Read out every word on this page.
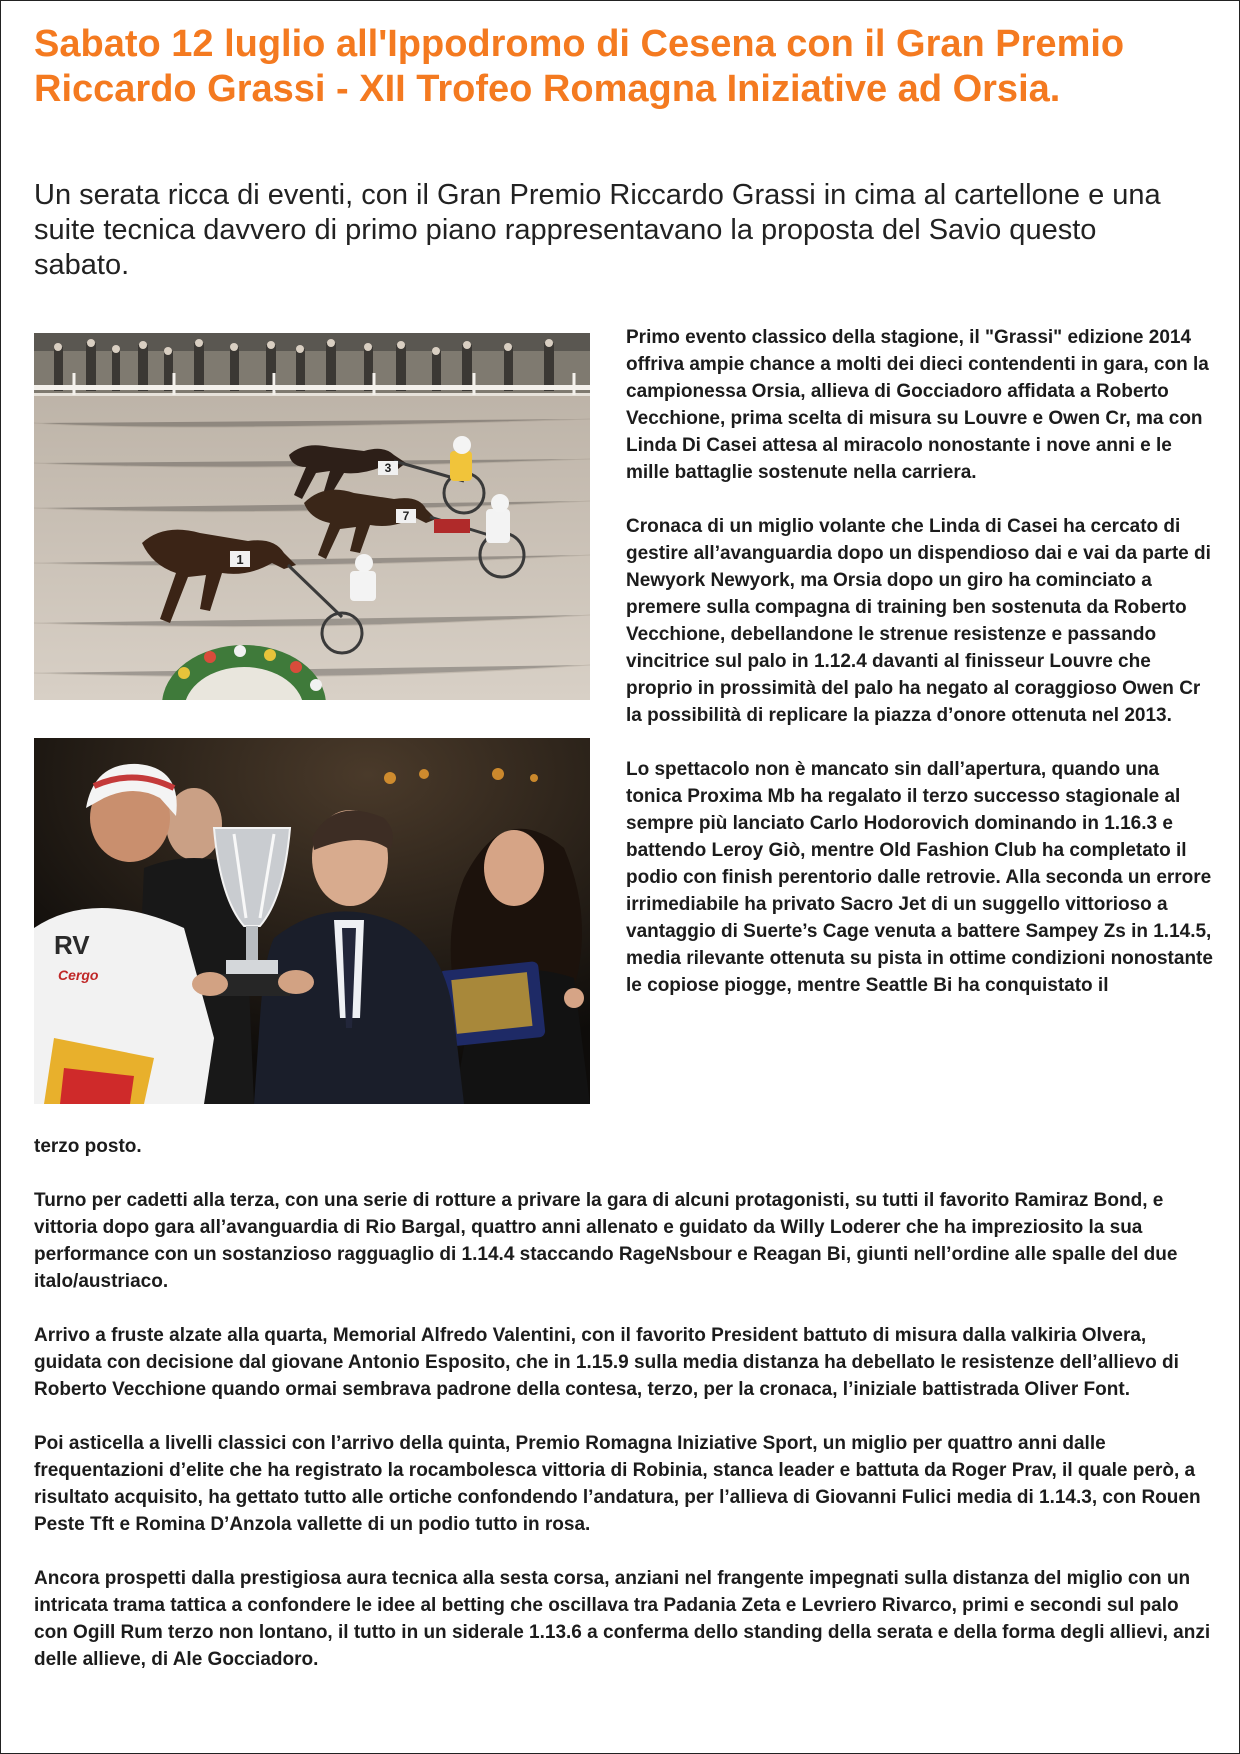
Sabato 12 luglio all'Ippodromo di Cesena con il Gran Premio Riccardo Grassi - XII Trofeo Romagna Iniziative ad Orsia.

Un serata ricca di eventi, con il Gran Premio Riccardo Grassi in cima al cartellone e una suite tecnica davvero di primo piano rappresentavano la proposta del Savio questo sabato.

3
7
1
RV
Cergo

Primo evento classico della stagione, il "Grassi" edizione 2014 offriva ampie chance a molti dei dieci contendenti in gara, con la campionessa Orsia, allieva di Gocciadoro affidata a Roberto Vecchione, prima scelta di misura su Louvre e Owen Cr, ma con Linda Di Casei attesa al miracolo nonostante i nove anni e le mille battaglie sostenute nella carriera.

Cronaca di un miglio volante che Linda di Casei ha cercato di gestire all’avanguardia dopo un dispendioso dai e vai da parte di Newyork Newyork, ma Orsia dopo un giro ha cominciato a premere sulla compagna di training ben sostenuta da Roberto Vecchione, debellandone le strenue resistenze e passando vincitrice sul palo in 1.12.4 davanti al finisseur Louvre che proprio in prossimità del palo ha negato al coraggioso Owen Cr la possibilità di replicare la piazza d’onore ottenuta nel 2013.

Lo spettacolo non è mancato sin dall’apertura, quando una tonica Proxima Mb ha regalato il terzo successo stagionale al sempre più lanciato Carlo Hodorovich dominando in 1.16.3 e battendo Leroy Giò, mentre Old Fashion Club ha completato il podio con finish perentorio dalle retrovie. Alla seconda un errore irrimediabile ha privato Sacro Jet di un suggello vittorioso a vantaggio di Suerte’s Cage venuta a battere Sampey Zs in 1.14.5, media rilevante ottenuta su pista in ottime condizioni nonostante le copiose piogge, mentre Seattle Bi ha conquistato il

terzo posto.

Turno per cadetti alla terza, con una serie di rotture a privare la gara di alcuni protagonisti, su tutti il favorito Ramiraz Bond, e vittoria dopo gara all’avanguardia di Rio Bargal, quattro anni allenato e guidato da Willy Loderer che ha impreziosito la sua performance con un sostanzioso ragguaglio di 1.14.4 staccando RageNsbour e Reagan Bi, giunti nell’ordine alle spalle del due italo/austriaco.

Arrivo a fruste alzate alla quarta, Memorial Alfredo Valentini, con il favorito President battuto di misura dalla valkiria Olvera, guidata con decisione dal giovane Antonio Esposito, che in 1.15.9 sulla media distanza ha debellato le resistenze dell’allievo di Roberto Vecchione quando ormai sembrava padrone della contesa, terzo, per la cronaca, l’iniziale battistrada Oliver Font.

Poi asticella a livelli classici con l’arrivo della quinta, Premio Romagna Iniziative Sport, un miglio per quattro anni dalle frequentazioni d’elite che ha registrato la rocambolesca vittoria di Robinia, stanca leader e battuta da Roger Prav, il quale però, a risultato acquisito, ha gettato tutto alle ortiche confondendo l’andatura, per l’allieva di Giovanni Fulici media di 1.14.3, con Rouen Peste Tft e Romina D’Anzola vallette di un podio tutto in rosa.

Ancora prospetti dalla prestigiosa aura tecnica alla sesta corsa, anziani nel frangente impegnati sulla distanza del miglio con un intricata trama tattica a confondere le idee al betting che oscillava tra Padania Zeta e Levriero Rivarco, primi e secondi sul palo con Ogill Rum terzo non lontano, il tutto in un siderale 1.13.6 a conferma dello standing della serata e della forma degli allievi, anzi delle allieve, di Ale Gocciadoro.
